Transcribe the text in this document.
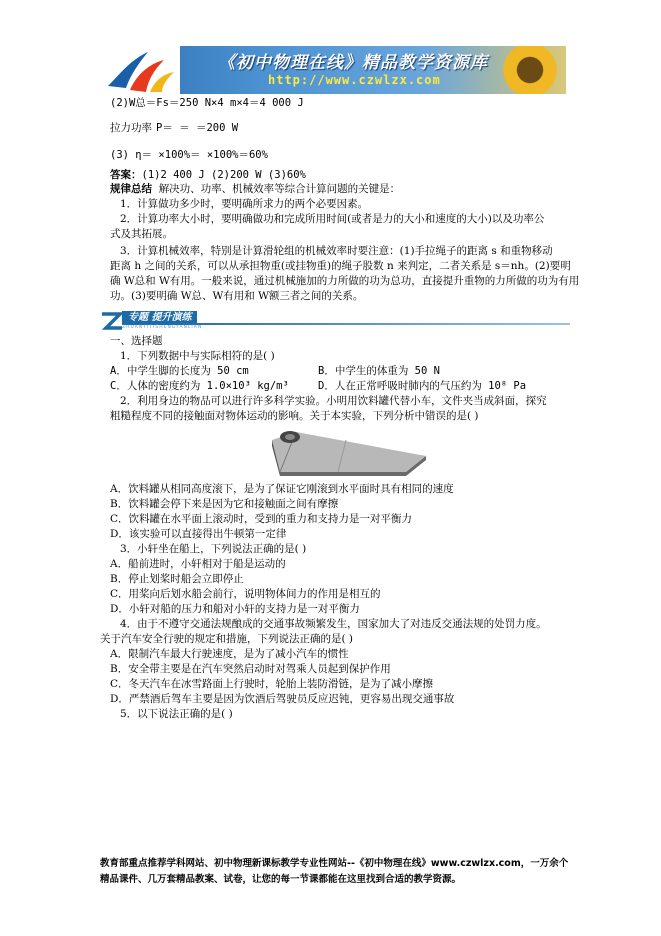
《初中物理在线》精品教学资源库
http://www.czwlzx.com
(2)W总＝Fs＝250 N×4 m×4＝4 000 J
拉力功率 P＝ ＝ ＝200 W
(3) η＝ ×100%＝ ×100%＝60%
答案：(1)2 400 J (2)200 W (3)60%
规律总结 解决功、功率、机械效率等综合计算问题的关键是：
1．计算做功多少时，要明确所求力的两个必要因素。
2．计算功率大小时，要明确做功和完成所用时间(或者是力的大小和速度的大小)以及功率公
式及其拓展。
3．计算机械效率，特别是计算滑轮组的机械效率时要注意：(1)手拉绳子的距离 s 和重物移动
距离 h 之间的关系，可以从承担物重(或挂物重)的绳子股数 n 来判定，二者关系是 s＝nh。(2)要明
确 W总和 W有用。一般来说，通过机械施加的力所做的功为总功，直接提升重物的力所做的功为有用
功。(3)要明确 W总、W有用和 W额三者之间的关系。
专题 提升演练
ZHUANTITISHENGYANLIAN
一、选择题
1．下列数据中与实际相符的是( )
A．中学生脚的长度为 50 cm	B．中学生的体重为 50 N
C．人体的密度约为 1.0×10³ kg/m³	D．人在正常呼吸时肺内的气压约为 10⁸ Pa
2．利用身边的物品可以进行许多科学实验。小明用饮料罐代替小车，文件夹当成斜面，探究
粗糙程度不同的接触面对物体运动的影响。关于本实验，下列分析中错误的是( )
A．饮料罐从相同高度滚下，是为了保证它刚滚到水平面时具有相同的速度
B．饮料罐会停下来是因为它和接触面之间有摩擦
C．饮料罐在水平面上滚动时，受到的重力和支持力是一对平衡力
D．该实验可以直接得出牛顿第一定律
3．小轩坐在船上，下列说法正确的是( )
A．船前进时，小轩相对于船是运动的
B．停止划桨时船会立即停止
C．用桨向后划水船会前行，说明物体间力的作用是相互的
D．小轩对船的压力和船对小轩的支持力是一对平衡力
4．由于不遵守交通法规酿成的交通事故频繁发生，国家加大了对违反交通法规的处罚力度。
关于汽车安全行驶的规定和措施，下列说法正确的是( )
A．限制汽车最大行驶速度，是为了减小汽车的惯性
B．安全带主要是在汽车突然启动时对驾乘人员起到保护作用
C．冬天汽车在冰雪路面上行驶时，轮胎上装防滑链，是为了减小摩擦
D．严禁酒后驾车主要是因为饮酒后驾驶员反应迟钝，更容易出现交通事故
5．以下说法正确的是( )
教育部重点推荐学科网站、初中物理新课标教学专业性网站--《初中物理在线》www.czwlzx.com，一万余个精品课件、几万套精品教案、试卷，让您的每一节课都能在这里找到合适的教学资源。
